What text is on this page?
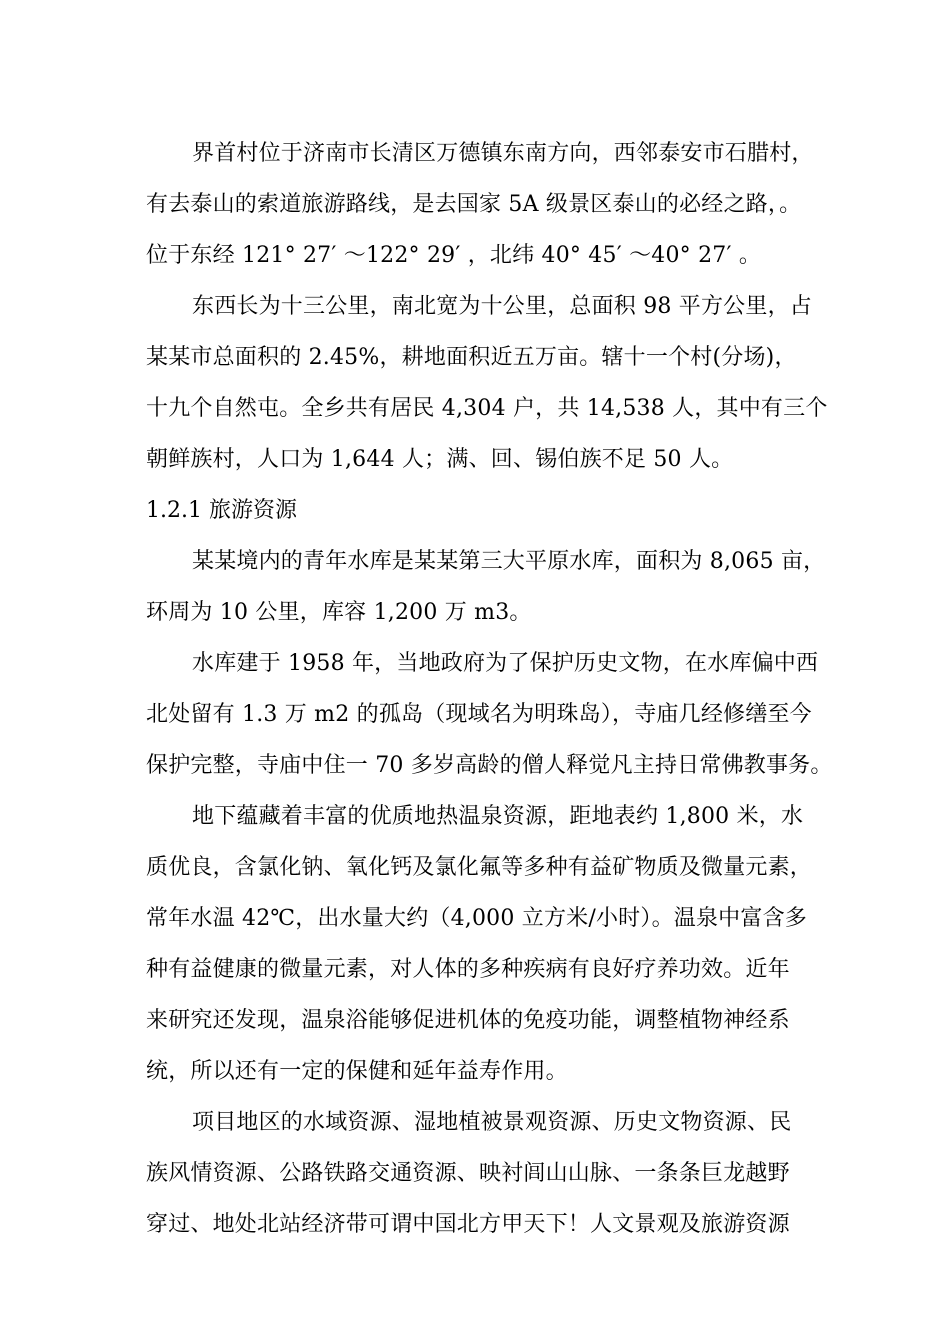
界首村位于济南市长清区万德镇东南方向，西邻泰安市石腊村，
有去泰山的索道旅游路线，是去国家 5A 级景区泰山的必经之路，。
位于东经 121° 27′ ～122° 29′ ，北纬 40° 45′ ～40° 27′ 。

东西长为十三公里，南北宽为十公里，总面积 98 平方公里，占
某某市总面积的 2.45%，耕地面积近五万亩。辖十一个村(分场)，
十九个自然屯。全乡共有居民 4,304 户，共 14,538 人，其中有三个
朝鲜族村，人口为 1,644 人；满、回、锡伯族不足 50 人。

1.2.1 旅游资源

某某境内的青年水库是某某第三大平原水库，面积为 8,065 亩，
环周为 10 公里，库容 1,200 万 m3。

水库建于 1958 年，当地政府为了保护历史文物，在水库偏中西
北处留有 1.3 万 m2 的孤岛（现域名为明珠岛），寺庙几经修缮至今
保护完整，寺庙中住一 70 多岁高龄的僧人释觉凡主持日常佛教事务。

地下蕴藏着丰富的优质地热温泉资源，距地表约 1,800 米，水
质优良，含氯化钠、氧化钙及氯化氟等多种有益矿物质及微量元素，
常年水温 42℃，出水量大约（4,000 立方米/小时）。温泉中富含多
种有益健康的微量元素，对人体的多种疾病有良好疗养功效。近年
来研究还发现，温泉浴能够促进机体的免疫功能，调整植物神经系
统，所以还有一定的保健和延年益寿作用。

项目地区的水域资源、湿地植被景观资源、历史文物资源、民
族风情资源、公路铁路交通资源、映衬闾山山脉、一条条巨龙越野
穿过、地处北站经济带可谓中国北方甲天下！人文景观及旅游资源
